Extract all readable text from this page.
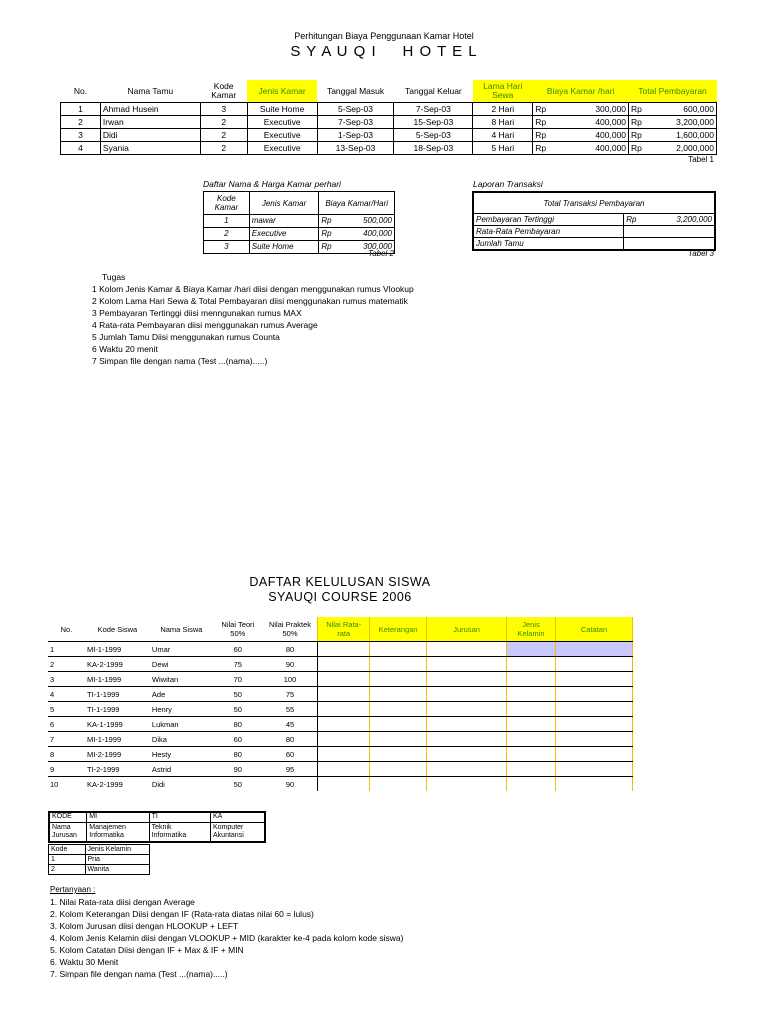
Perhitungan Biaya Penggunaan Kamar Hotel
S Y A U Q I     H O T E L
No.	Nama Tamu	Kode Kamar	Jenis Kamar	Tanggal Masuk	Tanggal Keluar	Lama Hari Sewa	Biaya Kamar /hari		Total Pembayaran	
1	Ahmad Husein	3	Suite Home	5-Sep-03	7-Sep-03	2 Hari	Rp	300,000	Rp	600,000
2	Irwan	2	Executive	7-Sep-03	15-Sep-03	8 Hari	Rp	400,000	Rp	3,200,000
3	Didi	2	Executive	1-Sep-03	5-Sep-03	4 Hari	Rp	400,000	Rp	1,600,000
4	Syania	2	Executive	13-Sep-03	18-Sep-03	5 Hari	Rp	400,000	Rp	2,000,000
Tabel 1
Daftar Nama & Harga Kamar perhari
Kode Kamar	Jenis Kamar	Biaya Kamar/Hari	
1	mawar	Rp	500,000
2	Executive	Rp	400,000
3	Suite Home	Rp	300,000
Tabel 2
Laporan Transaksi
Total Transaksi Pembayaran		
Pembayaran Tertinggi	Rp	3,200,000
Rata-Rata Pembayaran		
Jumlah Tamu		
Tabel 3
Tugas
1 Kolom Jenis Kamar & Biaya Kamar /hari diisi dengan menggunakan rumus Vlookup
2 Kolom Lama Hari Sewa & Total Pembayaran diisi menggunakan rumus matematik
3 Pembayaran Tertinggi diisi menngunakan rumus MAX
4 Rata-rata Pembayaran diisi menggunakan rumus Average
5 Jumlah Tamu Diisi menggunakan rumus Counta
6 Waktu 20 menit
7 Simpan file dengan nama (Test ...(nama).....)
DAFTAR KELULUSAN SISWA
SYAUQI COURSE 2006
No.	Kode Siswa	Nama Siswa	Nilai Teori 50%	Nilai Praktek 50%	Nilai Rata-rata	Keterangan	Jurusan	Jenis Kelamin	Catatan
1	MI-1-1999	Umar	60	80					
2	KA-2-1999	Dewi	75	90					
3	MI-1-1999	Wiwitan	70	100					
4	TI-1-1999	Ade	50	75					
5	TI-1-1999	Henry	50	55					
6	KA-1-1999	Lukman	80	45					
7	MI-1-1999	Dika	60	80					
8	MI-2-1999	Hesty	80	60					
9	TI-2-1999	Astrid	90	95					
10	KA-2-1999	Didi	50	90					
KODE	MI	TI	KA
Nama Jurusan	Manajemen Informatika	Teknik Informatika	Komputer Akuntansi
Kode	Jenis Kelamin
1	Pria
2	Wanita
Pertanyaan :
1. Nilai Rata-rata diisi dengan Average
2. Kolom Keterangan Diisi dengan IF (Rata-rata diatas nilai 60 = lulus)
3. Kolom Jurusan diisi dengan HLOOKUP + LEFT
4. Kolom Jenis Kelamin diisi dengan VLOOKUP + MID (karakter ke-4 pada kolom kode siswa)
5. Kolom Catatan Diisi dengan IF + Max & IF + MIN
6. Waktu 30 Menit
7. Simpan file dengan nama (Test ...(nama).....)
